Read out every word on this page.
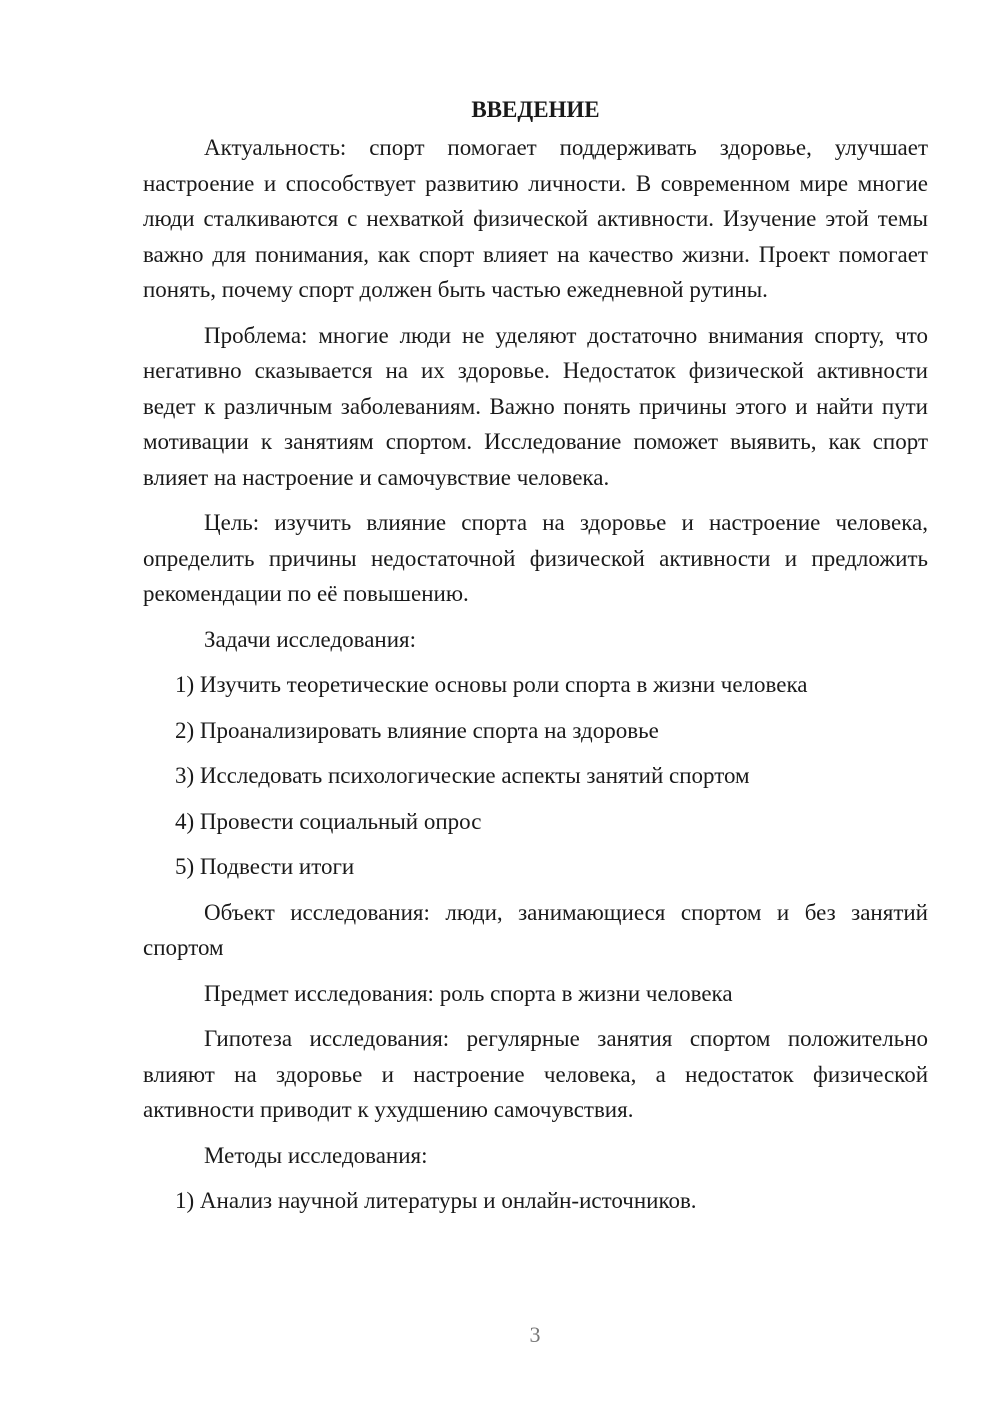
ВВЕДЕНИЕ

Актуальность: спорт помогает поддерживать здоровье, улучшает настроение и способствует развитию личности. В современном мире многие люди сталкиваются с нехваткой физической активности. Изучение этой темы важно для понимания, как спорт влияет на качество жизни. Проект помогает понять, почему спорт должен быть частью ежедневной рутины.

Проблема: многие люди не уделяют достаточно внимания спорту, что негативно сказывается на их здоровье. Недостаток физической активности ведет к различным заболеваниям. Важно понять причины этого и найти пути мотивации к занятиям спортом. Исследование поможет выявить, как спорт влияет на настроение и самочувствие человека.

Цель: изучить влияние спорта на здоровье и настроение человека, определить причины недостаточной физической активности и предложить рекомендации по её повышению.

Задачи исследования:

1) Изучить теоретические основы роли спорта в жизни человека
2) Проанализировать влияние спорта на здоровье
3) Исследовать психологические аспекты занятий спортом
4) Провести социальный опрос
5) Подвести итоги

Объект исследования: люди, занимающиеся спортом и без занятий спортом

Предмет исследования: роль спорта в жизни человека

Гипотеза исследования: регулярные занятия спортом положительно влияют на здоровье и настроение человека, а недостаток физической активности приводит к ухудшению самочувствия.

Методы исследования:

1) Анализ научной литературы и онлайн-источников.
3
